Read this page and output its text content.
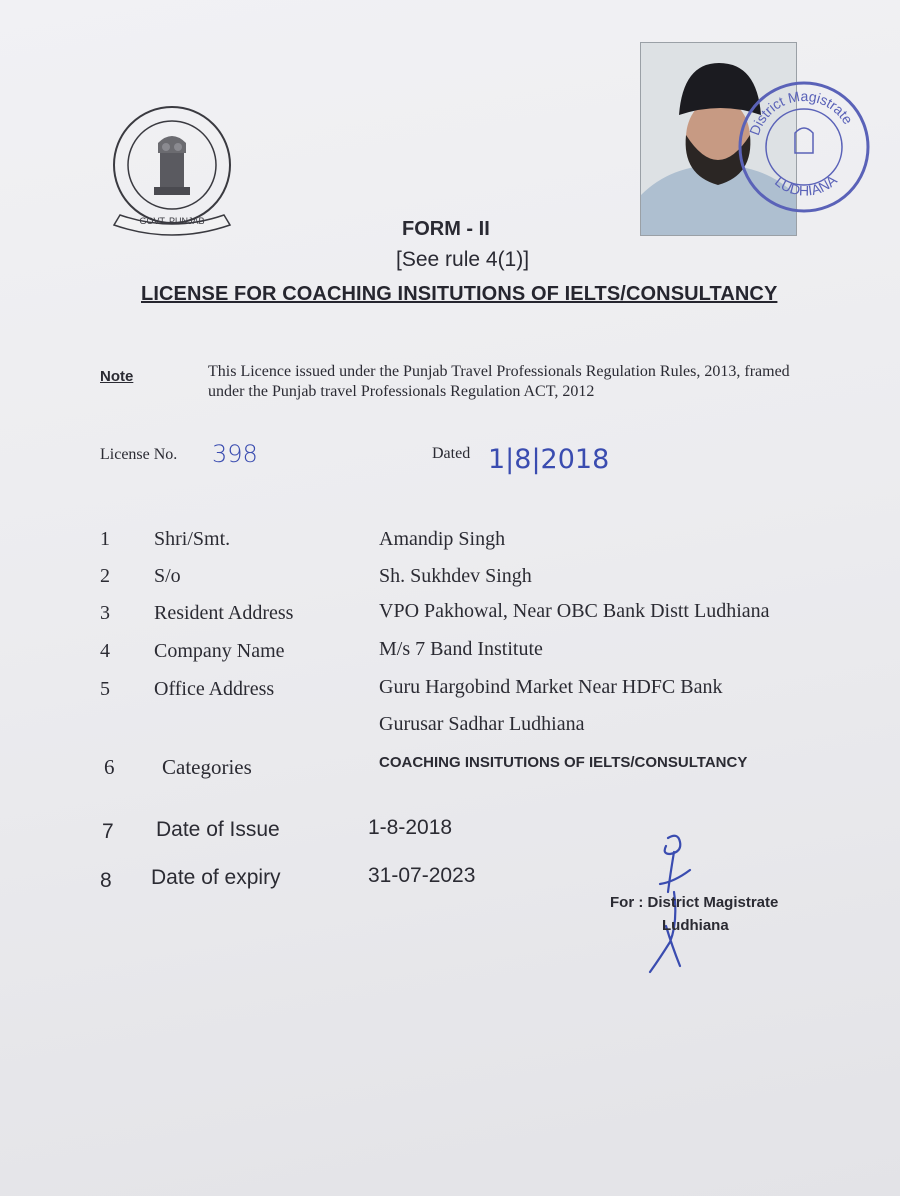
GOVT. PUNJAB
District Magistrate
LUDHIANA
FORM - II
[See rule 4(1)]
LICENSE FOR COACHING INSITUTIONS OF IELTS/CONSULTANCY
Note	This Licence issued under the Punjab Travel Professionals Regulation Rules, 2013, framed under the Punjab travel Professionals Regulation ACT, 2012
License No. 398	Dated 1|8|2018
1 Shri/Smt.	Amandip Singh
2 S/o	Sh. Sukhdev Singh
3 Resident Address	VPO Pakhowal, Near OBC Bank Distt Ludhiana
4 Company Name	M/s 7 Band Institute
5 Office Address	Guru Hargobind Market Near HDFC Bank
Gurusar Sadhar Ludhiana
6 Categories	COACHING INSITUTIONS OF IELTS/CONSULTANCY
7 Date of Issue	1-8-2018
8 Date of expiry	31-07-2023
For : District Magistrate
Ludhiana
